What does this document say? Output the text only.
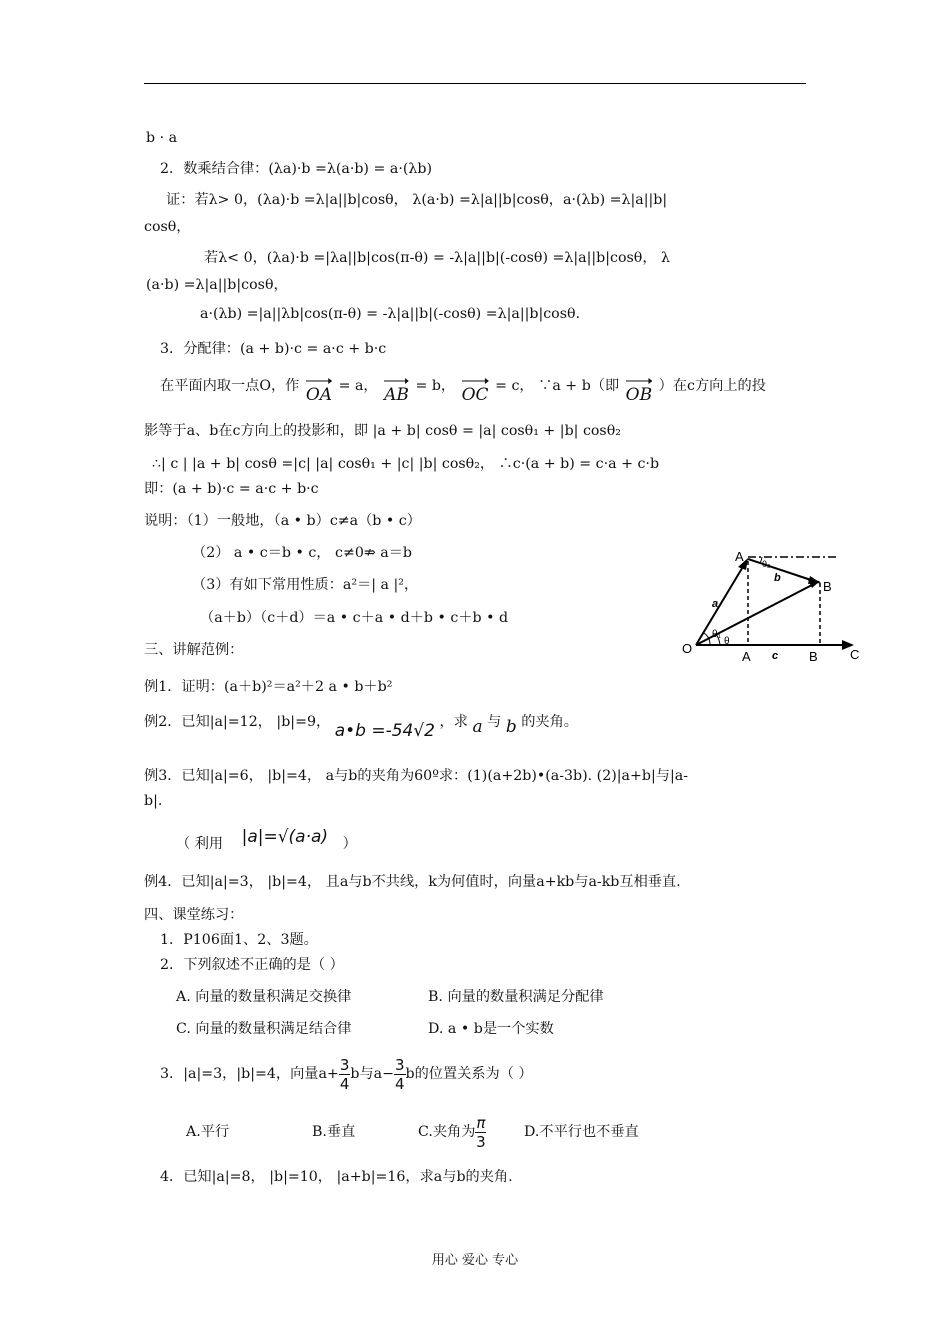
b · a
2．数乘结合律：(λa)·b =λ(a·b) = a·(λb)
证：若λ> 0，(λa)·b =λ|a||b|cosθ， λ(a·b) =λ|a||b|cosθ，a·(λb) =λ|a||b|
cosθ，
若λ< 0，(λa)·b =|λa||b|cos(π-θ) = -λ|a||b|(-cosθ) =λ|a||b|cosθ， λ
(a·b) =λ|a||b|cosθ，
a·(λb) =|a||λb|cos(π-θ) = -λ|a||b|(-cosθ) =λ|a||b|cosθ.
3．分配律：(a + b)·c = a·c + b·c
在平面内取一点O，作 OA = a， AB = b， OC = c， ∵a + b（即 OB ）在c方向上的投
影等于a、b在c方向上的投影和，即 |a + b| cosθ = |a| cosθ₁ + |b| cosθ₂
∴| c | |a + b| cosθ =|c| |a| cosθ₁ + |c| |b| cosθ₂， ∴c·(a + b) = c·a + c·b
即：(a + b)·c = a·c + b·c
说明：（1）一般地，（a • b）c≠a（b • c）
（2） a • c＝b • c， c≠0⇏ a＝b
（3）有如下常用性质：a²＝| a |²，
（a＋b）（c＋d）＝a • c＋a • d＋b • c＋b • d
三、讲解范例：
例1．证明：(a＋b)²＝a²＋2 a • b＋b²
例2．已知|a|=12， |b|=9， a•b =-54√2 ，求 a 与 b 的夹角。
例3．已知|a|=6， |b|=4， a与b的夹角为60º求：(1)(a+2b)•(a-3b). (2)|a+b|与|a-
b|.
（ 利用 |a|=√(a·a) ）
例4．已知|a|=3， |b|=4， 且a与b不共线，k为何值时，向量a+kb与a-kb互相垂直.
四、课堂练习：
1．P106面1、2、3题。
2．下列叙述不正确的是（ ）
A. 向量的数量积满足交换律	B. 向量的数量积满足分配律
C. 向量的数量积满足结合律	D. a • b是一个实数
3．|a|=3，|b|=4，向量$a+ \frac{3}{4}$ b与$a- \frac{3}{4}$ b的位置关系为（ ）
A.平行	B.垂直	C.夹角为 $\frac{\pi}{3}$	D.不平行也不垂直
4．已知|a|=8， |b|=10， |a+b|=16，求a与b的夹角.
O
A	B C
A
B
a
b
c
θ₁
θ
θ₂
用心 爱心 专心
